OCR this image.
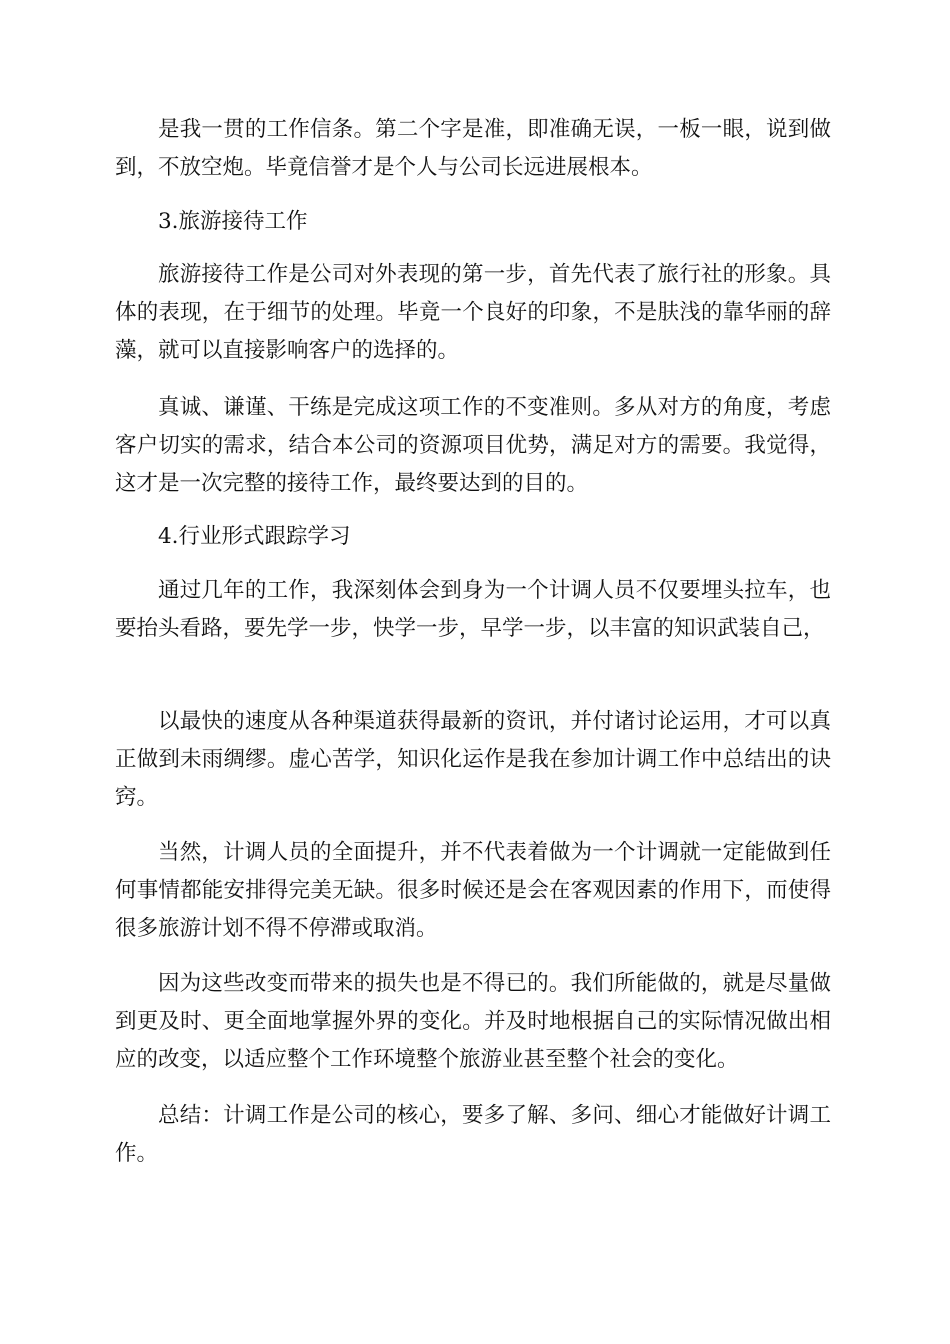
是我一贯的工作信条。第二个字是准，即准确无误，一板一眼，说到做到，不放空炮。毕竟信誉才是个人与公司长远进展根本。

3.旅游接待工作

旅游接待工作是公司对外表现的第一步，首先代表了旅行社的形象。具体的表现，在于细节的处理。毕竟一个良好的印象，不是肤浅的靠华丽的辞藻，就可以直接影响客户的选择的。

真诚、谦谨、干练是完成这项工作的不变准则。多从对方的角度，考虑客户切实的需求，结合本公司的资源项目优势，满足对方的需要。我觉得，这才是一次完整的接待工作，最终要达到的目的。

4.行业形式跟踪学习

通过几年的工作，我深刻体会到身为一个计调人员不仅要埋头拉车，也要抬头看路，要先学一步，快学一步，早学一步，以丰富的知识武装自己，

以最快的速度从各种渠道获得最新的资讯，并付诸讨论运用，才可以真正做到未雨绸缪。虚心苦学，知识化运作是我在参加计调工作中总结出的诀窍。

当然，计调人员的全面提升，并不代表着做为一个计调就一定能做到任何事情都能安排得完美无缺。很多时候还是会在客观因素的作用下，而使得很多旅游计划不得不停滞或取消。

因为这些改变而带来的损失也是不得已的。我们所能做的，就是尽量做到更及时、更全面地掌握外界的变化。并及时地根据自己的实际情况做出相应的改变，以适应整个工作环境整个旅游业甚至整个社会的变化。

总结：计调工作是公司的核心，要多了解、多问、细心才能做好计调工作。
